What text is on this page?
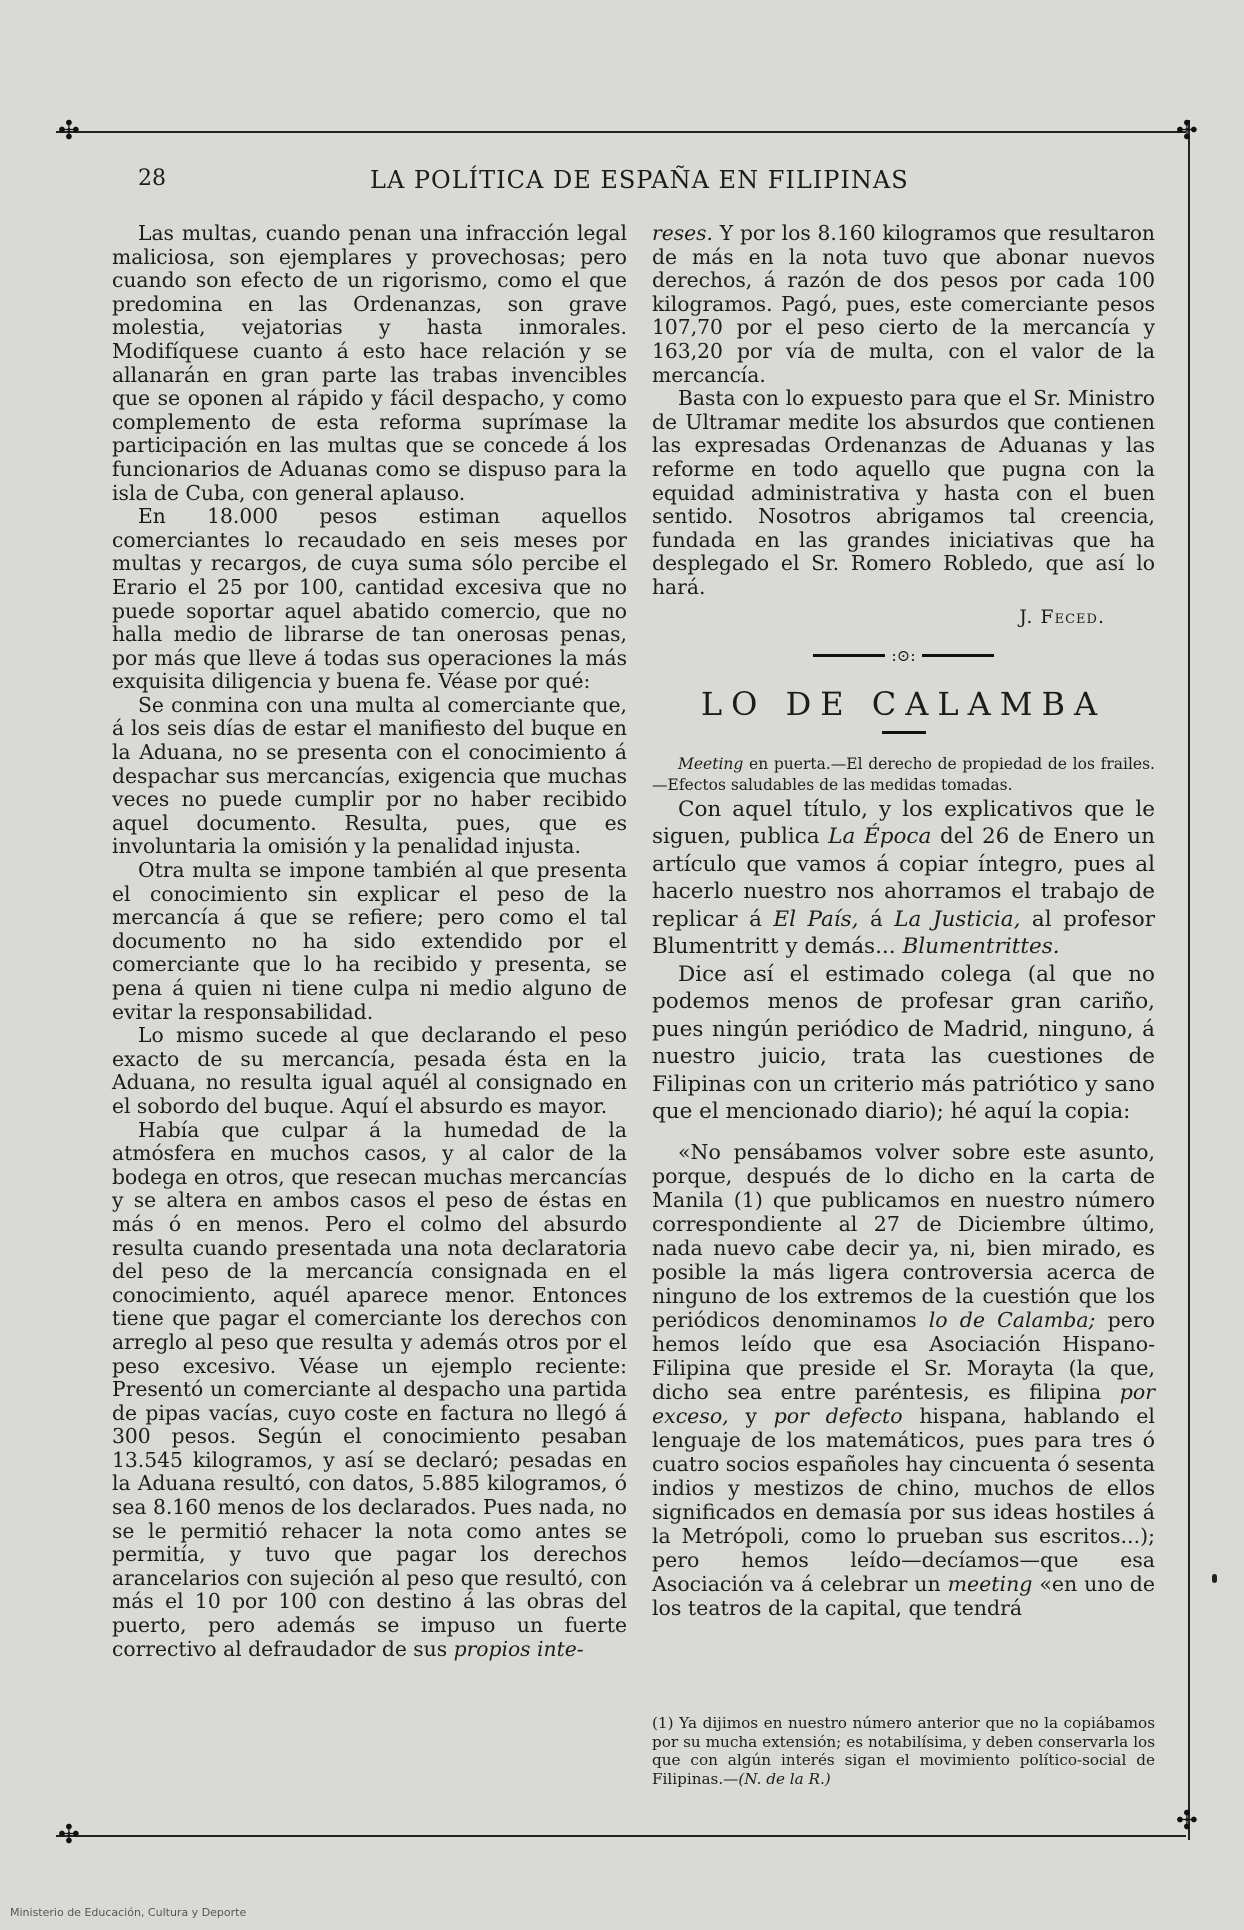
✣	✣
✣	✣
28	LA POLÍTICA DE ESPAÑA EN FILIPINAS

Las multas, cuando penan una infracción legal maliciosa, son ejemplares y provechosas; pero cuando son efecto de un rigorismo, como el que predomina en las Ordenanzas, son grave molestia, vejatorias y hasta inmorales. Modifíquese cuanto á esto hace relación y se allanarán en gran parte las trabas invencibles que se oponen al rápido y fácil despacho, y como complemento de esta reforma suprímase la participación en las multas que se concede á los funcionarios de Aduanas como se dispuso para la isla de Cuba, con general aplauso.

En 18.000 pesos estiman aquellos comerciantes lo recaudado en seis meses por multas y recargos, de cuya suma sólo percibe el Erario el 25 por 100, cantidad excesiva que no puede soportar aquel abatido comercio, que no halla medio de librarse de tan onerosas penas, por más que lleve á todas sus operaciones la más exquisita diligencia y buena fe. Véase por qué:

Se conmina con una multa al comerciante que, á los seis días de estar el manifiesto del buque en la Aduana, no se presenta con el conocimiento á despachar sus mercancías, exigencia que muchas veces no puede cumplir por no haber recibido aquel documento. Resulta, pues, que es involuntaria la omisión y la penalidad injusta.

Otra multa se impone también al que presenta el conocimiento sin explicar el peso de la mercancía á que se refiere; pero como el tal documento no ha sido extendido por el comerciante que lo ha recibido y presenta, se pena á quien ni tiene culpa ni medio alguno de evitar la responsabilidad.

Lo mismo sucede al que declarando el peso exacto de su mercancía, pesada ésta en la Aduana, no resulta igual aquél al consignado en el sobordo del buque. Aquí el absurdo es mayor.

Había que culpar á la humedad de la atmósfera en muchos casos, y al calor de la bodega en otros, que resecan muchas mercancías y se altera en ambos casos el peso de éstas en más ó en menos. Pero el colmo del absurdo resulta cuando presentada una nota declaratoria del peso de la mercancía consignada en el conocimiento, aquél aparece menor. Entonces tiene que pagar el comerciante los derechos con arreglo al peso que resulta y además otros por el peso excesivo. Véase un ejemplo reciente: Presentó un comerciante al despacho una partida de pipas vacías, cuyo coste en factura no llegó á 300 pesos. Según el conocimiento pesaban 13.545 kilogramos, y así se declaró; pesadas en la Aduana resultó, con datos, 5.885 kilogramos, ó sea 8.160 menos de los declarados. Pues nada, no se le permitió rehacer la nota como antes se permitía, y tuvo que pagar los derechos arancelarios con sujeción al peso que resultó, con más el 10 por 100 con destino á las obras del puerto, pero además se impuso un fuerte correctivo al defraudador de sus propios inte-

reses. Y por los 8.160 kilogramos que resultaron de más en la nota tuvo que abonar nuevos derechos, á razón de dos pesos por cada 100 kilogramos. Pagó, pues, este comerciante pesos 107,70 por el peso cierto de la mercancía y 163,20 por vía de multa, con el valor de la mercancía.

Basta con lo expuesto para que el Sr. Ministro de Ultramar medite los absurdos que contienen las expresadas Ordenanzas de Aduanas y las reforme en todo aquello que pugna con la equidad administrativa y hasta con el buen sentido. Nosotros abrigamos tal creencia, fundada en las grandes iniciativas que ha desplegado el Sr. Romero Robledo, que así lo hará.

J. Feced.
:⊙:
LO DE CALAMBA

Meeting en puerta.—El derecho de propiedad de los frailes.—Efectos saludables de las medidas tomadas.

Con aquel título, y los explicativos que le siguen, publica La Época del 26 de Enero un artículo que vamos á copiar íntegro, pues al hacerlo nuestro nos ahorramos el trabajo de replicar á El País, á La Justicia, al profesor Blumentritt y demás... Blumentrittes.

Dice así el estimado colega (al que no podemos menos de profesar gran cariño, pues ningún periódico de Madrid, ninguno, á nuestro juicio, trata las cuestiones de Filipinas con un criterio más patriótico y sano que el mencionado diario); hé aquí la copia:

«No pensábamos volver sobre este asunto, porque, después de lo dicho en la carta de Manila (1) que publicamos en nuestro número correspondiente al 27 de Diciembre último, nada nuevo cabe decir ya, ni, bien mirado, es posible la más ligera controversia acerca de ninguno de los extremos de la cuestión que los periódicos denominamos lo de Calamba; pero hemos leído que esa Asociación Hispano-Filipina que preside el Sr. Morayta (la que, dicho sea entre paréntesis, es filipina por exceso, y por defecto hispana, hablando el lenguaje de los matemáticos, pues para tres ó cuatro socios españoles hay cincuenta ó sesenta indios y mestizos de chino, muchos de ellos significados en demasía por sus ideas hostiles á la Metrópoli, como lo prueban sus escritos...); pero hemos leído—decíamos—que esa Asociación va á celebrar un meeting «en uno de los teatros de la capital, que tendrá

(1) Ya dijimos en nuestro número anterior que no la copiábamos por su mucha extensión; es notabilísima, y deben conservarla los que con algún interés sigan el movimiento político-social de Filipinas.—(N. de la R.)
Ministerio de Educación, Cultura y Deporte
